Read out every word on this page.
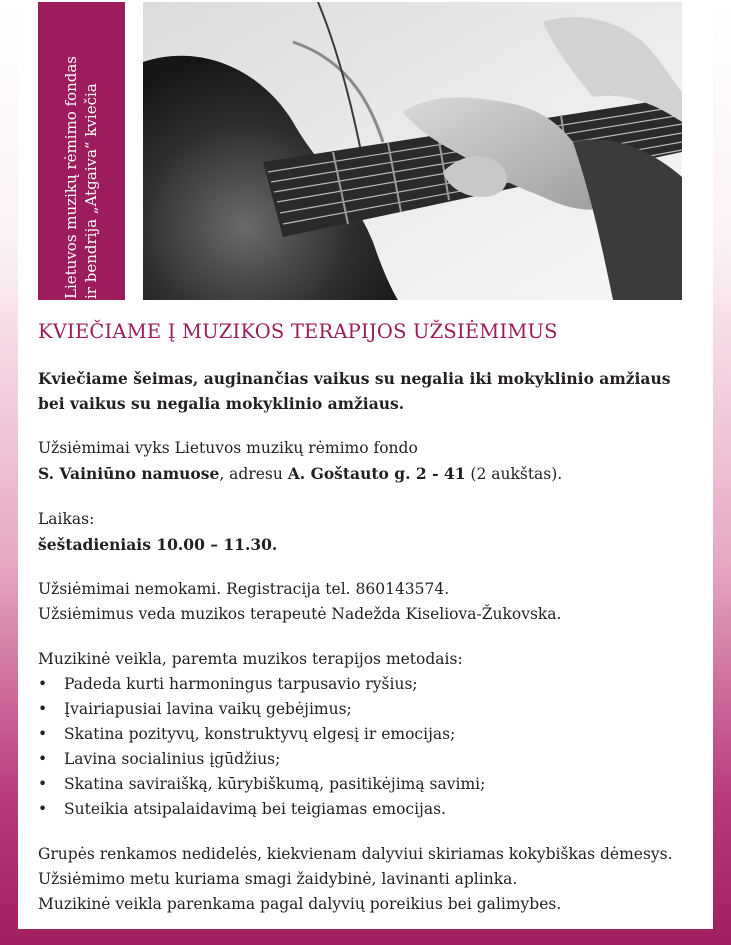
Lietuvos muzikų rėmimo fondas ir bendrija „Atgaiva“ kviečia
KVIEČIAME Į MUZIKOS TERAPIJOS UŽSIĖMIMUS

Kviečiame šeimas, auginančias vaikus su negalia iki mokyklinio amžiaus

bei vaikus su negalia mokyklinio amžiaus.

Užsiėmimai vyks Lietuvos muzikų rėmimo fondo

S. Vainiūno namuose, adresu A. Goštauto g. 2 - 41 (2 aukštas).

Laikas:

šeštadieniais 10.00 – 11.30.

Užsiėmimai nemokami. Registracija tel. 860143574.

Užsiėmimus veda muzikos terapeutė Nadežda Kiseliova-Žukovska.

Muzikinė veikla, paremta muzikos terapijos metodais:

• Padeda kurti harmoningus tarpusavio ryšius;
• Įvairiapusiai lavina vaikų gebėjimus;
• Skatina pozityvų, konstruktyvų elgesį ir emocijas;
• Lavina socialinius įgūdžius;
• Skatina saviraišką, kūrybiškumą, pasitikėjimą savimi;
• Suteikia atsipalaidavimą bei teigiamas emocijas.

Grupės renkamos nedidelės, kiekvienam dalyviui skiriamas kokybiškas dėmesys.

Užsiėmimo metu kuriama smagi žaidybinė, lavinanti aplinka.

Muzikinė veikla parenkama pagal dalyvių poreikius bei galimybes.
